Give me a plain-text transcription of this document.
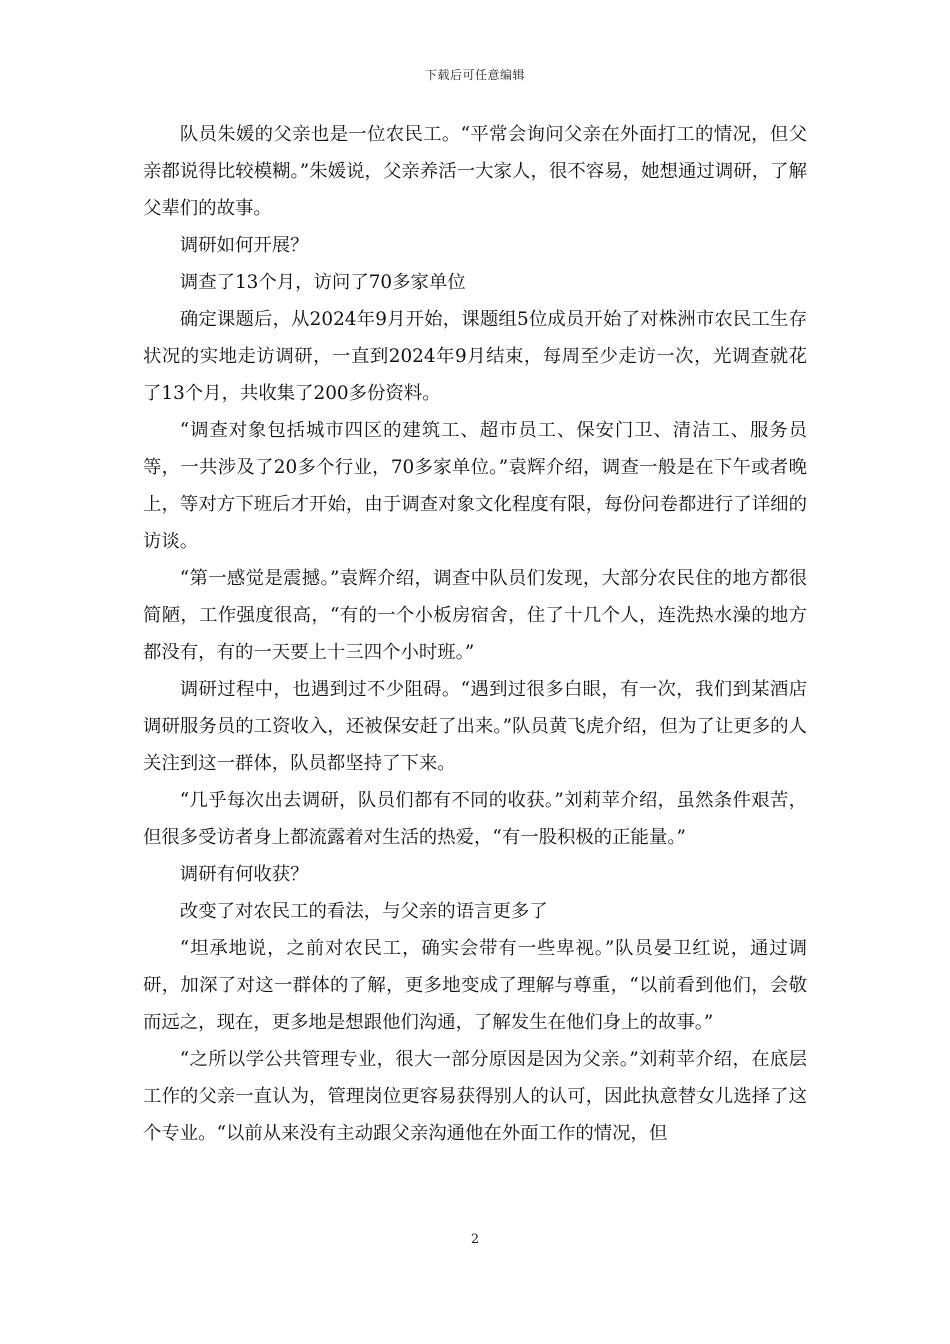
下载后可任意编辑

队员朱媛的父亲也是一位农民工。“平常会询问父亲在外面打工的情况，但父亲都说得比较模糊。”朱媛说，父亲养活一大家人，很不容易，她想通过调研，了解父辈们的故事。

调研如何开展？

调查了13个月，访问了70多家单位

确定课题后，从2024年9月开始，课题组5位成员开始了对株洲市农民工生存状况的实地走访调研，一直到2024年9月结束，每周至少走访一次，光调查就花了13个月，共收集了200多份资料。

“调查对象包括城市四区的建筑工、超市员工、保安门卫、清洁工、服务员等，一共涉及了20多个行业，70多家单位。”袁辉介绍，调查一般是在下午或者晚上，等对方下班后才开始，由于调查对象文化程度有限，每份问卷都进行了详细的访谈。

“第一感觉是震撼。”袁辉介绍，调查中队员们发现，大部分农民住的地方都很简陋，工作强度很高，“有的一个小板房宿舍，住了十几个人，连洗热水澡的地方都没有，有的一天要上十三四个小时班。”

调研过程中，也遇到过不少阻碍。“遇到过很多白眼，有一次，我们到某酒店调研服务员的工资收入，还被保安赶了出来。”队员黄飞虎介绍，但为了让更多的人关注到这一群体，队员都坚持了下来。

“几乎每次出去调研，队员们都有不同的收获。”刘莉苹介绍，虽然条件艰苦，但很多受访者身上都流露着对生活的热爱，“有一股积极的正能量。”

调研有何收获？

改变了对农民工的看法，与父亲的语言更多了

“坦承地说，之前对农民工，确实会带有一些卑视。”队员晏卫红说，通过调研，加深了对这一群体的了解，更多地变成了理解与尊重，“以前看到他们，会敬而远之，现在，更多地是想跟他们沟通，了解发生在他们身上的故事。”

“之所以学公共管理专业，很大一部分原因是因为父亲。”刘莉苹介绍，在底层工作的父亲一直认为，管理岗位更容易获得别人的认可，因此执意替女儿选择了这个专业。“以前从来没有主动跟父亲沟通他在外面工作的情况，但

2
